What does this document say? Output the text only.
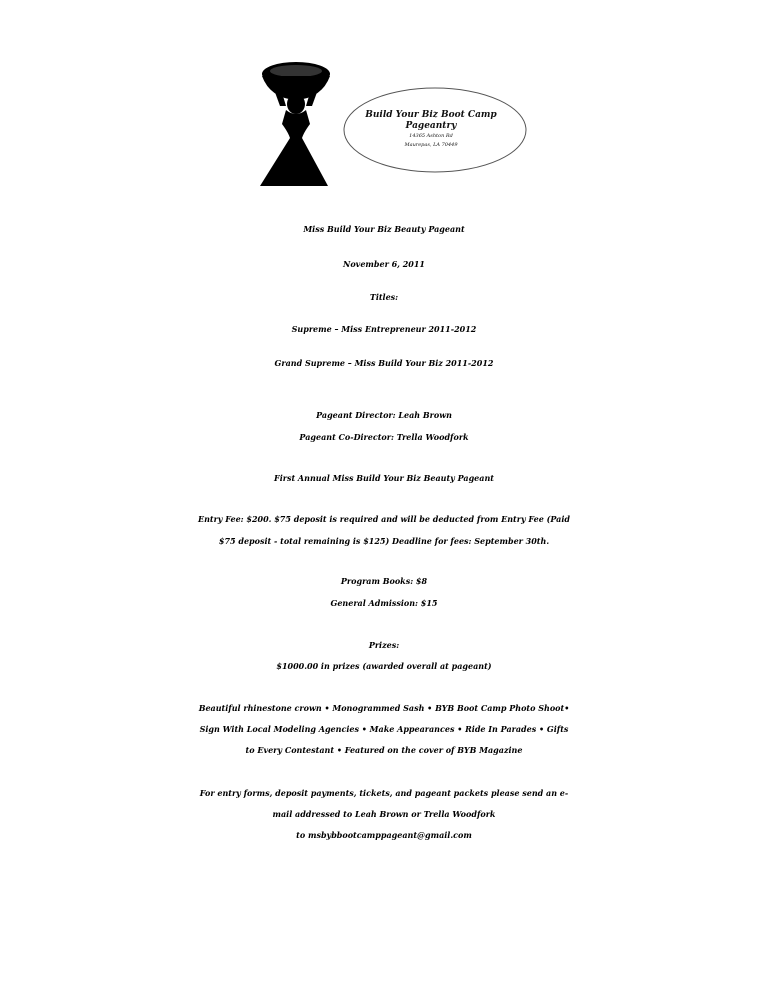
Build Your Biz Boot Camp
Pageantry
14365 Ashton Rd
Maurepas, LA 70449
Miss Build Your Biz Beauty Pageant
November 6, 2011
Titles:
Supreme – Miss Entrepreneur 2011-2012
Grand Supreme – Miss Build Your Biz 2011-2012
Pageant Director: Leah Brown
Pageant Co-Director: Trella Woodfork
First Annual Miss Build Your Biz Beauty Pageant
Entry Fee: $200. $75 deposit is required and will be deducted from Entry Fee (Paid
$75 deposit - total remaining is $125) Deadline for fees: September 30th.
Program Books: $8
General Admission: $15
Prizes:
$1000.00 in prizes (awarded overall at pageant)
Beautiful rhinestone crown • Monogrammed Sash • BYB Boot Camp Photo Shoot•
Sign With Local Modeling Agencies • Make Appearances • Ride In Parades • Gifts
to Every Contestant • Featured on the cover of BYB Magazine
For entry forms, deposit payments, tickets, and pageant packets please send an e-
mail addressed to Leah Brown or Trella Woodfork
to msbybbootcamppageant@gmail.com
